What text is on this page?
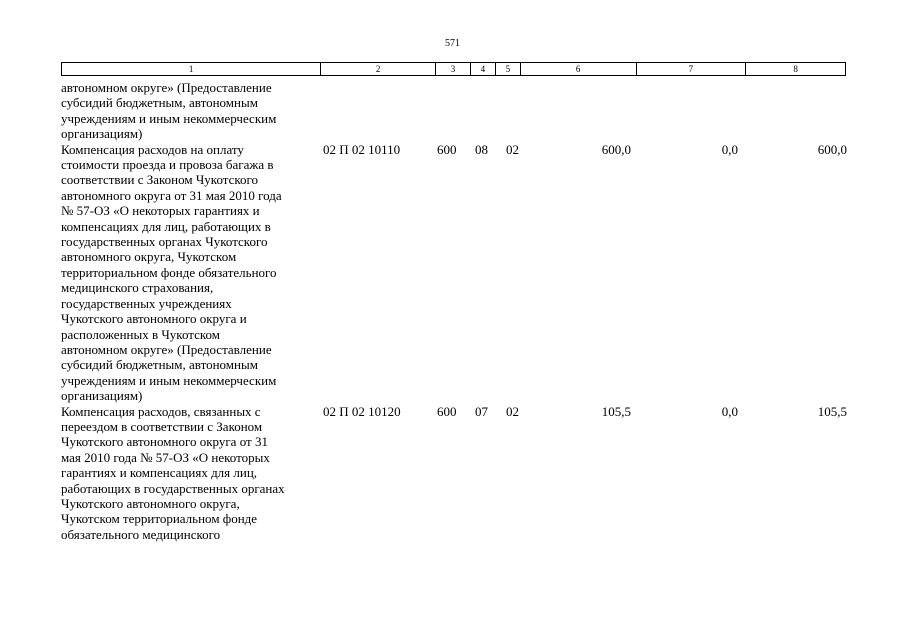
571
1	2	3	4	5	6	7	8
автономном округе» (Предоставление
субсидий бюджетным, автономным
учреждениям и иным некоммерческим
организациям)
Компенсация расходов на оплату
стоимости проезда и провоза багажа в
соответствии с Законом Чукотского
автономного округа от 31 мая 2010 года
№ 57-ОЗ «О некоторых гарантиях и
компенсациях для лиц, работающих в
государственных органах Чукотского
автономного округа, Чукотском
территориальном фонде обязательного
медицинского страхования,
государственных учреждениях
Чукотского автономного округа и
расположенных в Чукотском
автономном округе» (Предоставление
субсидий бюджетным, автономным
учреждениям и иным некоммерческим
организациям)
02 П 02 10110	600	08	02	600,0	0,0	600,0
Компенсация расходов, связанных с
переездом в соответствии с Законом
Чукотского автономного округа от 31
мая 2010 года № 57-ОЗ «О некоторых
гарантиях и компенсациях для лиц,
работающих в государственных органах
Чукотского автономного округа,
Чукотском территориальном фонде
обязательного медицинского
02 П 02 10120	600	07	02	105,5	0,0	105,5
